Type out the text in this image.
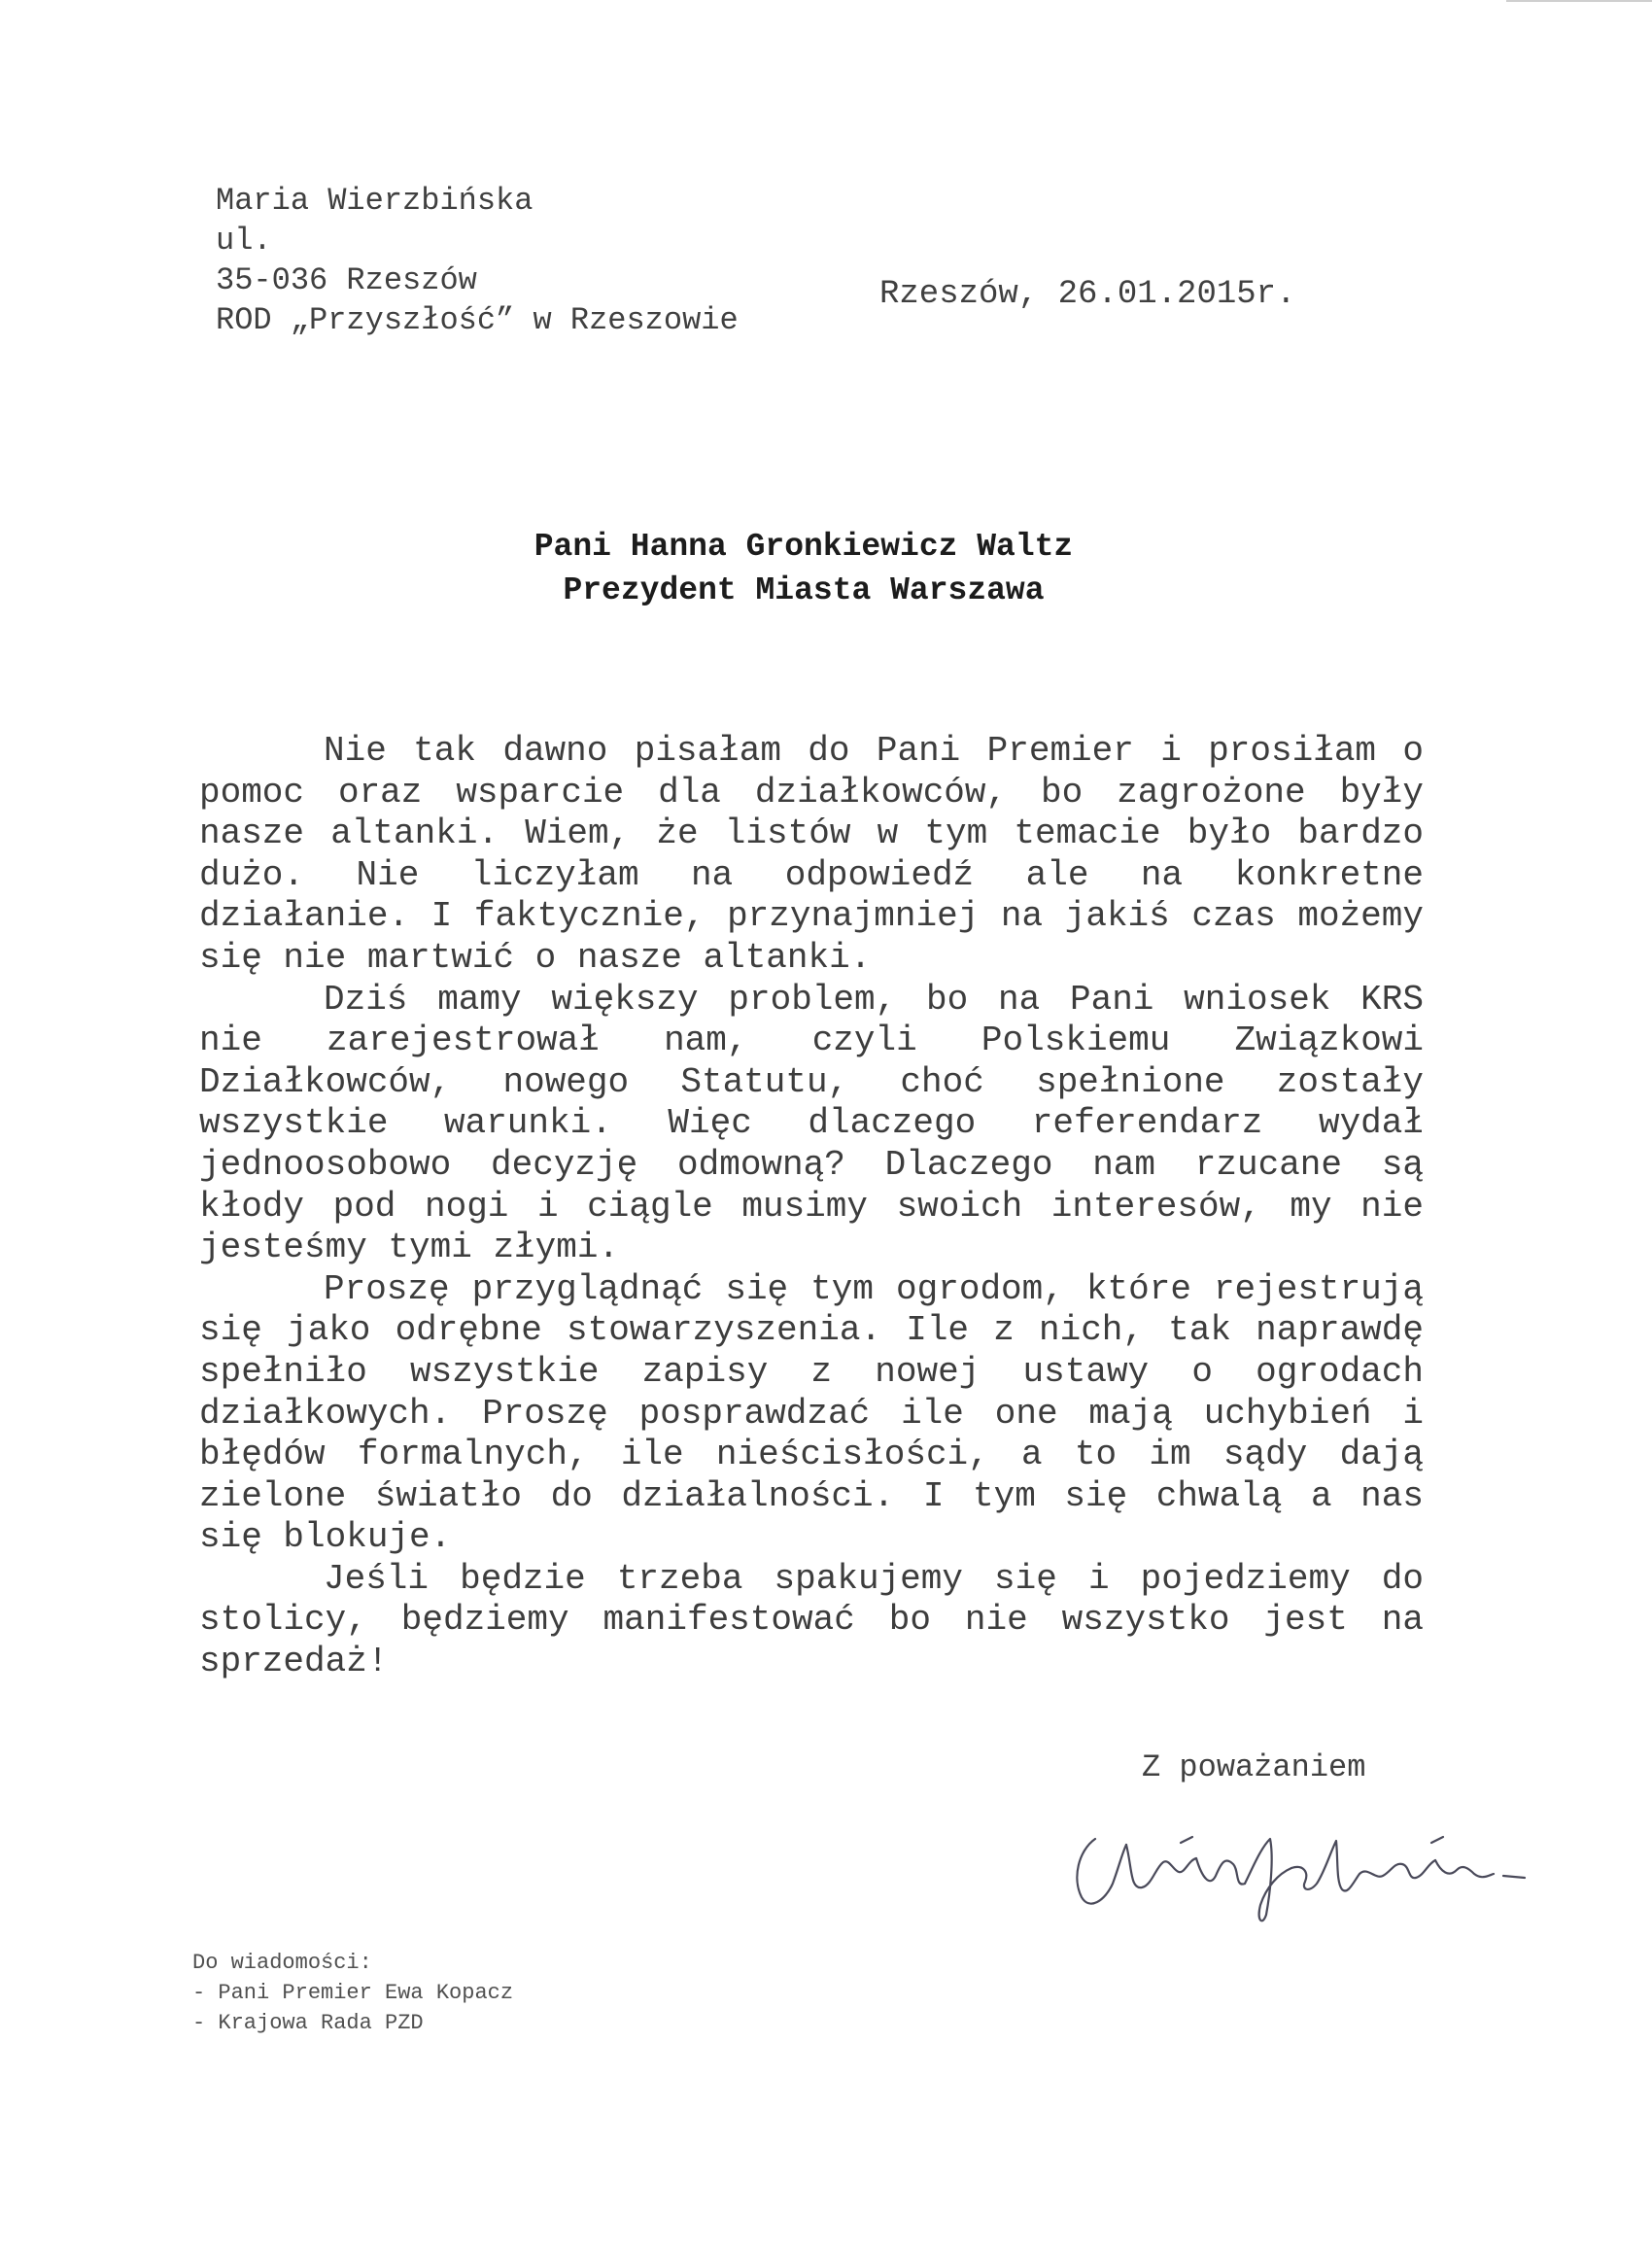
Maria Wierzbińska
ul.
35-036 Rzeszów
ROD „Przyszłość” w Rzeszowie
Rzeszów, 26.01.2015r.
Pani Hanna Gronkiewicz Waltz
Prezydent Miasta Warszawa

Nie tak dawno pisałam do Pani Premier i prosiłam o pomoc oraz wsparcie dla działkowców, bo zagrożone były nasze altanki. Wiem, że listów w tym temacie było bardzo dużo. Nie liczyłam na odpowiedź ale na konkretne działanie. I faktycznie, przynajmniej na jakiś czas możemy się nie martwić o nasze altanki.

Dziś mamy większy problem, bo na Pani wniosek KRS nie zarejestrował nam, czyli Polskiemu Związkowi Działkowców, nowego Statutu, choć spełnione zostały wszystkie warunki. Więc dlaczego referendarz wydał jednoosobowo decyzję odmowną? Dlaczego nam rzucane są kłody pod nogi i ciągle musimy swoich interesów, my nie jesteśmy tymi złymi.

Proszę przyglądnąć się tym ogrodom, które rejestrują się jako odrębne stowarzyszenia. Ile z nich, tak naprawdę spełniło wszystkie zapisy z nowej ustawy o ogrodach działkowych. Proszę posprawdzać ile one mają uchybień i błędów formalnych, ile nieścisłości, a to im sądy dają zielone światło do działalności. I tym się chwalą a nas się blokuje.

Jeśli będzie trzeba spakujemy się i pojedziemy do stolicy, będziemy manifestować bo nie wszystko jest na sprzedaż!

Z poważaniem
Do wiadomości:
- Pani Premier Ewa Kopacz
- Krajowa Rada PZD
